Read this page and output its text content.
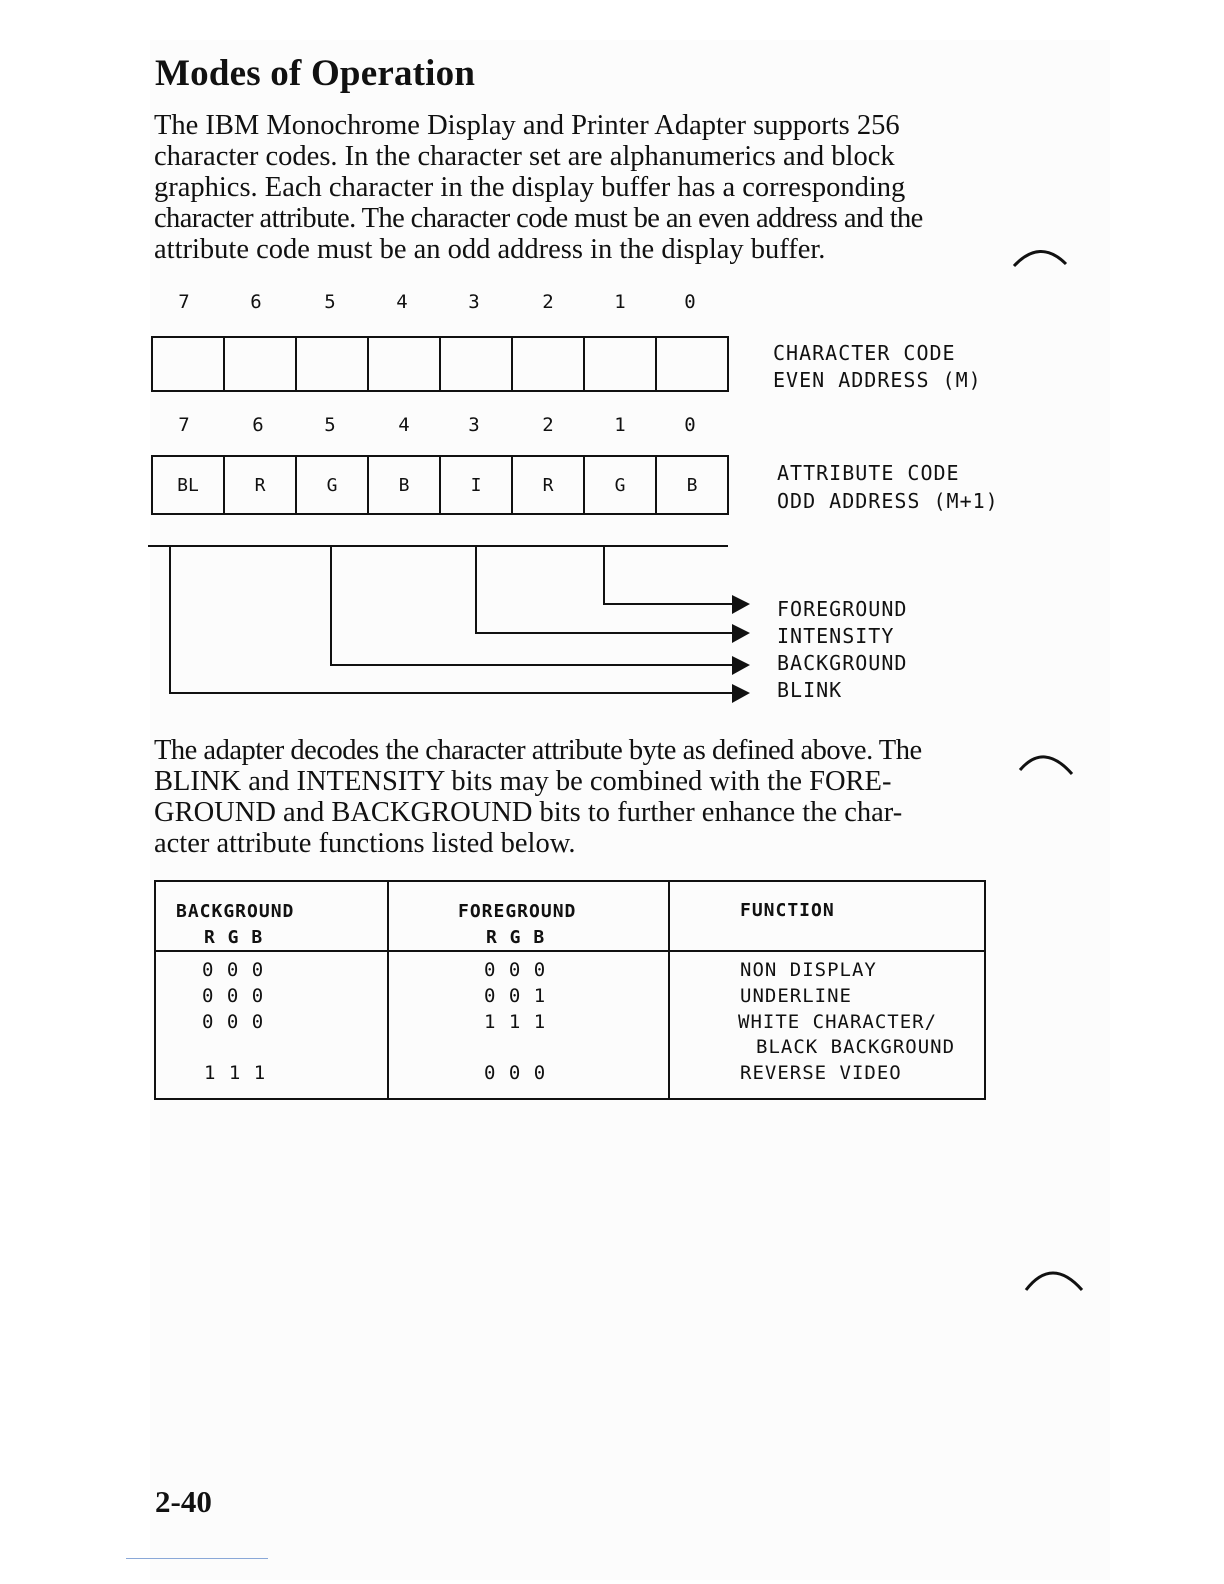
Modes of Operation
The IBM Monochrome Display and Printer Adapter supports 256
character codes. In the character set are alphanumerics and block
graphics. Each character in the display buffer has a corresponding
character attribute. The character code must be an even address and the
attribute code must be an odd address in the display buffer.
7	6	5	4	3	2	1	0
CHARACTER CODE
EVEN ADDRESS (M)
7	6	5	4	3	2	1	0
BL	R	G	B	I	R	G	B	ATTRIBUTE CODE
ODD ADDRESS (M+1)
FOREGROUND
INTENSITY
BACKGROUND
BLINK
The adapter decodes the character attribute byte as defined above. The
BLINK and INTENSITY bits may be combined with the FORE-
GROUND and BACKGROUND bits to further enhance the char-
acter attribute functions listed below.
BACKGROUND
R G B
FOREGROUND
R G B
FUNCTION
0 0 0	0 0 0	NON DISPLAY
0 0 0	0 0 1	UNDERLINE
0 0 0	1 1 1	WHITE CHARACTER/
BLACK BACKGROUND
1 1 1	0 0 0	REVERSE VIDEO
2-40
